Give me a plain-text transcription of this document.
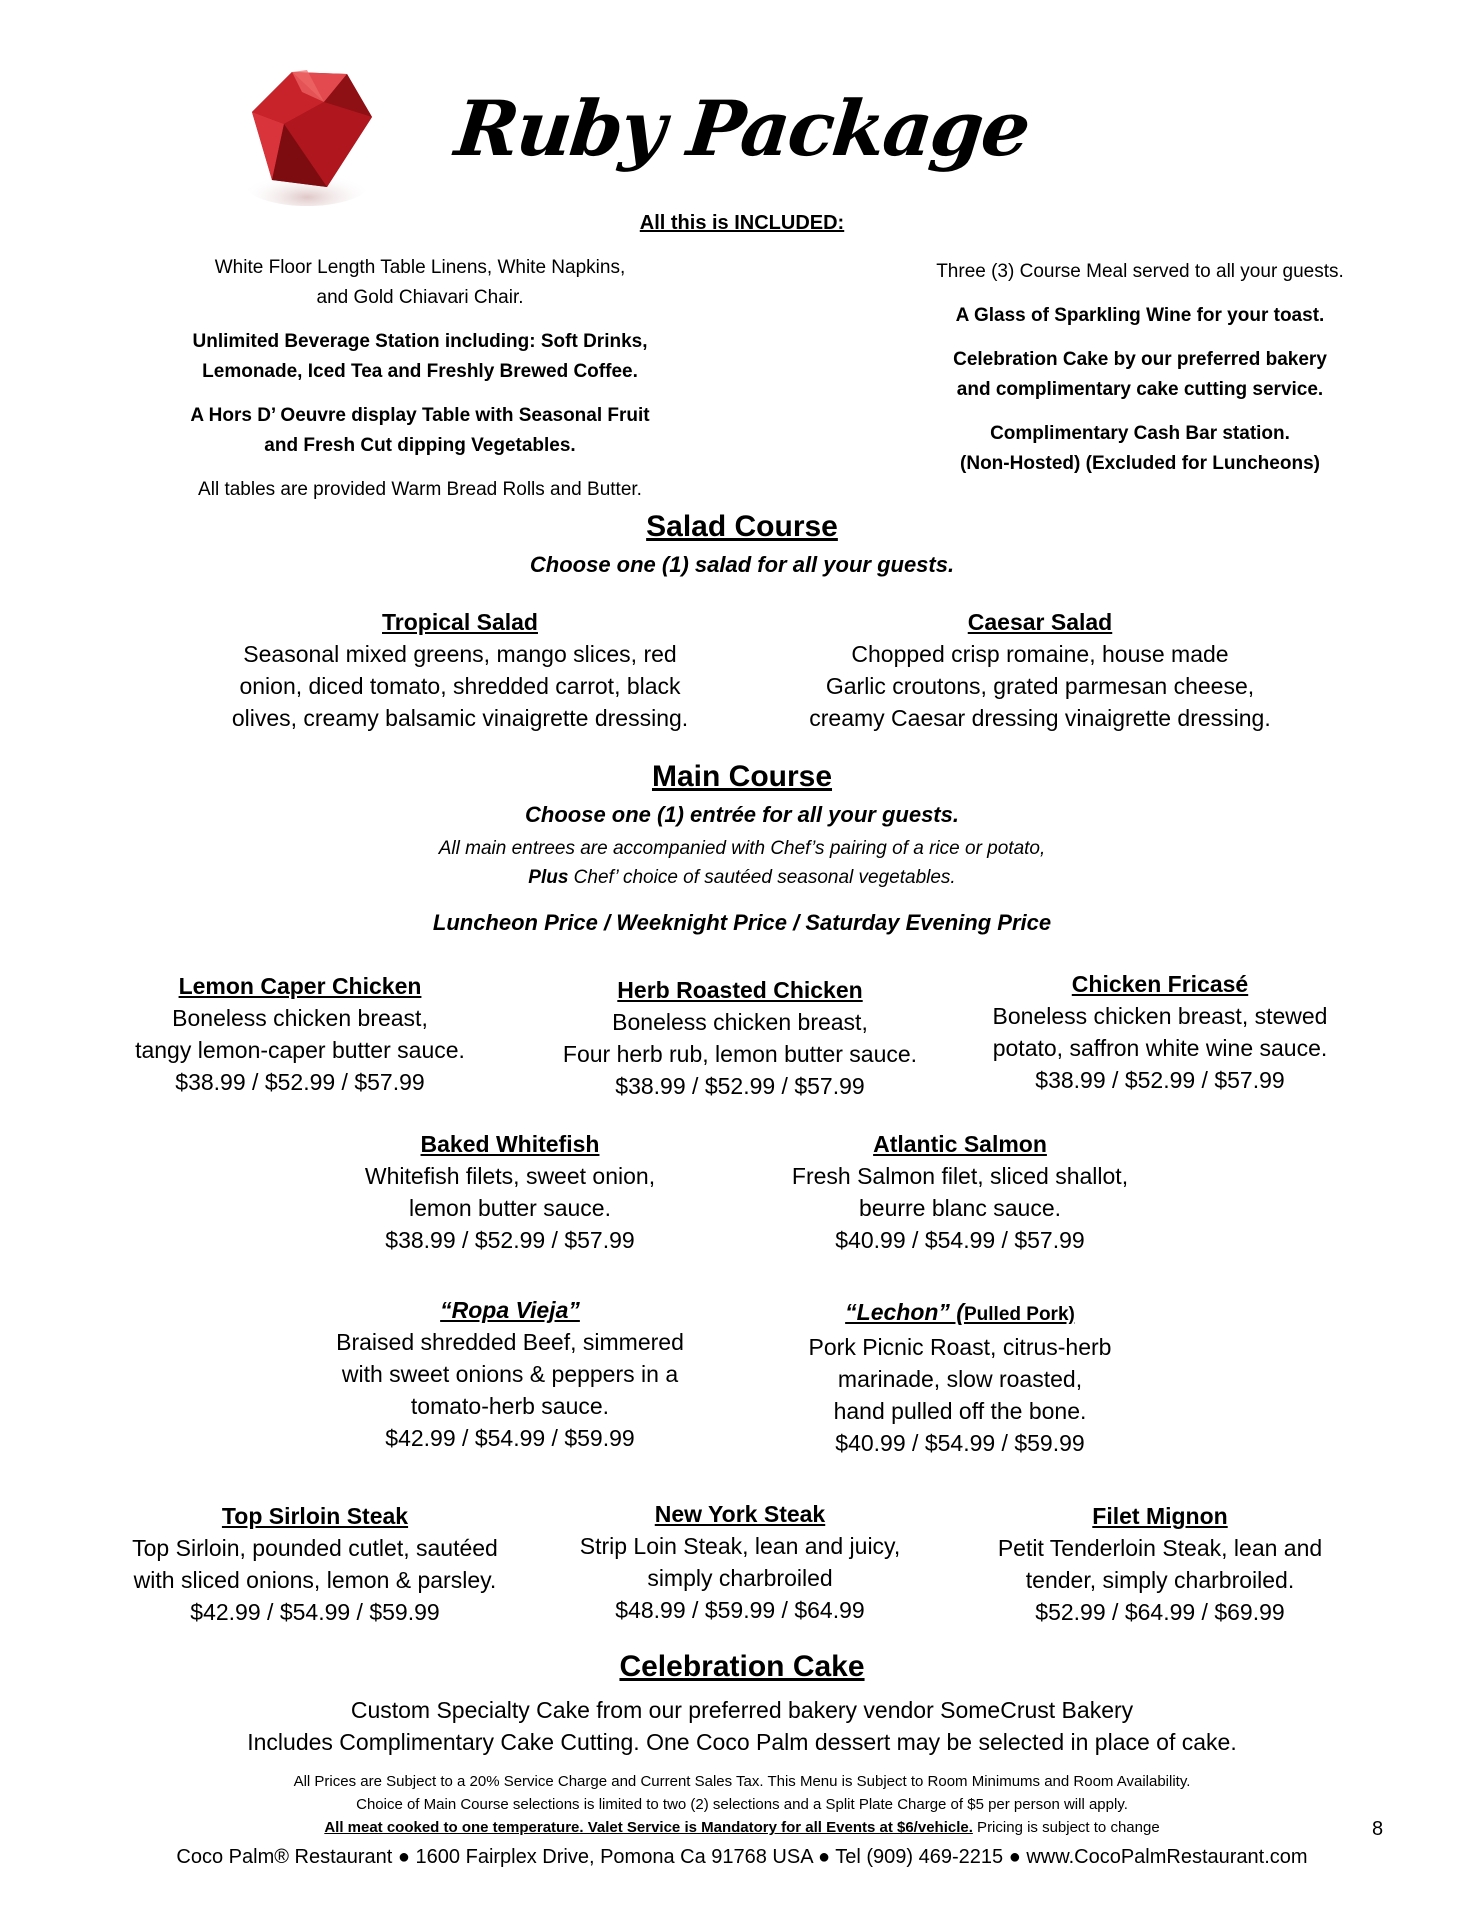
Ruby Package
All this is INCLUDED:
White Floor Length Table Linens, White Napkins,
and Gold Chiavari Chair.
Unlimited Beverage Station including: Soft Drinks,
Lemonade, Iced Tea and Freshly Brewed Coffee.
A Hors D’ Oeuvre display Table with Seasonal Fruit
and Fresh Cut dipping Vegetables.
All tables are provided Warm Bread Rolls and Butter.
Three (3) Course Meal served to all your guests.
A Glass of Sparkling Wine for your toast.
Celebration Cake by our preferred bakery
and complimentary cake cutting service.
Complimentary Cash Bar station.
(Non-Hosted) (Excluded for Luncheons)
Salad Course
Choose one (1) salad for all your guests.
Tropical Salad
Seasonal mixed greens, mango slices, red
onion, diced tomato, shredded carrot, black
olives, creamy balsamic vinaigrette dressing.
Caesar Salad
Chopped crisp romaine, house made
Garlic croutons, grated parmesan cheese,
creamy Caesar dressing vinaigrette dressing.
Main Course
Choose one (1) entrée for all your guests.
All main entrees are accompanied with Chef’s pairing of a rice or potato,
Plus Chef’ choice of sautéed seasonal vegetables.
Luncheon Price / Weeknight Price / Saturday Evening Price
Lemon Caper Chicken
Boneless chicken breast,
tangy lemon-caper butter sauce.
$38.99 / $52.99 / $57.99
Herb Roasted Chicken
Boneless chicken breast,
Four herb rub, lemon butter sauce.
$38.99 / $52.99 / $57.99
Chicken Fricasé
Boneless chicken breast, stewed
potato, saffron white wine sauce.
$38.99 / $52.99 / $57.99
Baked Whitefish
Whitefish filets, sweet onion,
lemon butter sauce.
$38.99 / $52.99 / $57.99
Atlantic Salmon
Fresh Salmon filet, sliced shallot,
beurre blanc sauce.
$40.99 / $54.99 / $57.99
“Ropa Vieja”
Braised shredded Beef, simmered
with sweet onions & peppers in a
tomato-herb sauce.
$42.99 / $54.99 / $59.99
“Lechon” (Pulled Pork)
Pork Picnic Roast, citrus-herb
marinade, slow roasted,
hand pulled off the bone.
$40.99 / $54.99 / $59.99
Top Sirloin Steak
Top Sirloin, pounded cutlet, sautéed
with sliced onions, lemon & parsley.
$42.99 / $54.99 / $59.99
New York Steak
Strip Loin Steak, lean and juicy,
simply charbroiled
$48.99 / $59.99 / $64.99
Filet Mignon
Petit Tenderloin Steak, lean and
tender, simply charbroiled.
$52.99 / $64.99 / $69.99
Celebration Cake
Custom Specialty Cake from our preferred bakery vendor SomeCrust Bakery
Includes Complimentary Cake Cutting. One Coco Palm dessert may be selected in place of cake.
All Prices are Subject to a 20% Service Charge and Current Sales Tax. This Menu is Subject to Room Minimums and Room Availability.
Choice of Main Course selections is limited to two (2) selections and a Split Plate Charge of $5 per person will apply.
All meat cooked to one temperature. Valet Service is Mandatory for all Events at $6/vehicle. Pricing is subject to change	8
Coco Palm® Restaurant ● 1600 Fairplex Drive, Pomona Ca 91768 USA ● Tel (909) 469-2215 ● www.CocoPalmRestaurant.com
